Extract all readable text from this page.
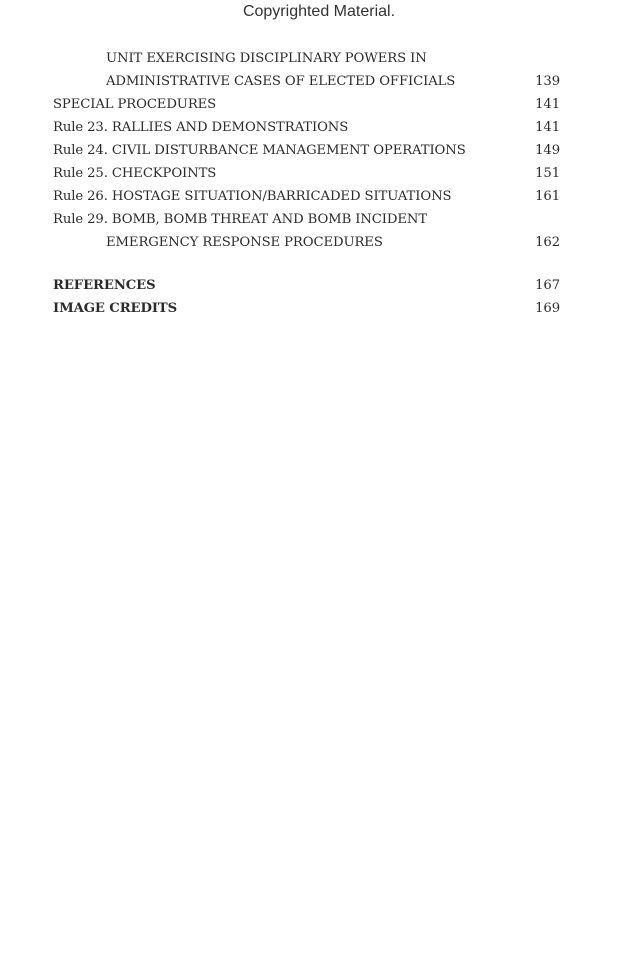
Copyrighted Material.
UNIT EXERCISING DISCIPLINARY POWERS IN
ADMINISTRATIVE CASES OF ELECTED OFFICIALS	139
SPECIAL PROCEDURES	141
Rule 23. RALLIES AND DEMONSTRATIONS	141
Rule 24. CIVIL DISTURBANCE MANAGEMENT OPERATIONS	149
Rule 25. CHECKPOINTS	151
Rule 26. HOSTAGE SITUATION/BARRICADED SITUATIONS	161
Rule 29. BOMB, BOMB THREAT AND BOMB INCIDENT
EMERGENCY RESPONSE PROCEDURES	162
REFERENCES	167
IMAGE CREDITS	169
